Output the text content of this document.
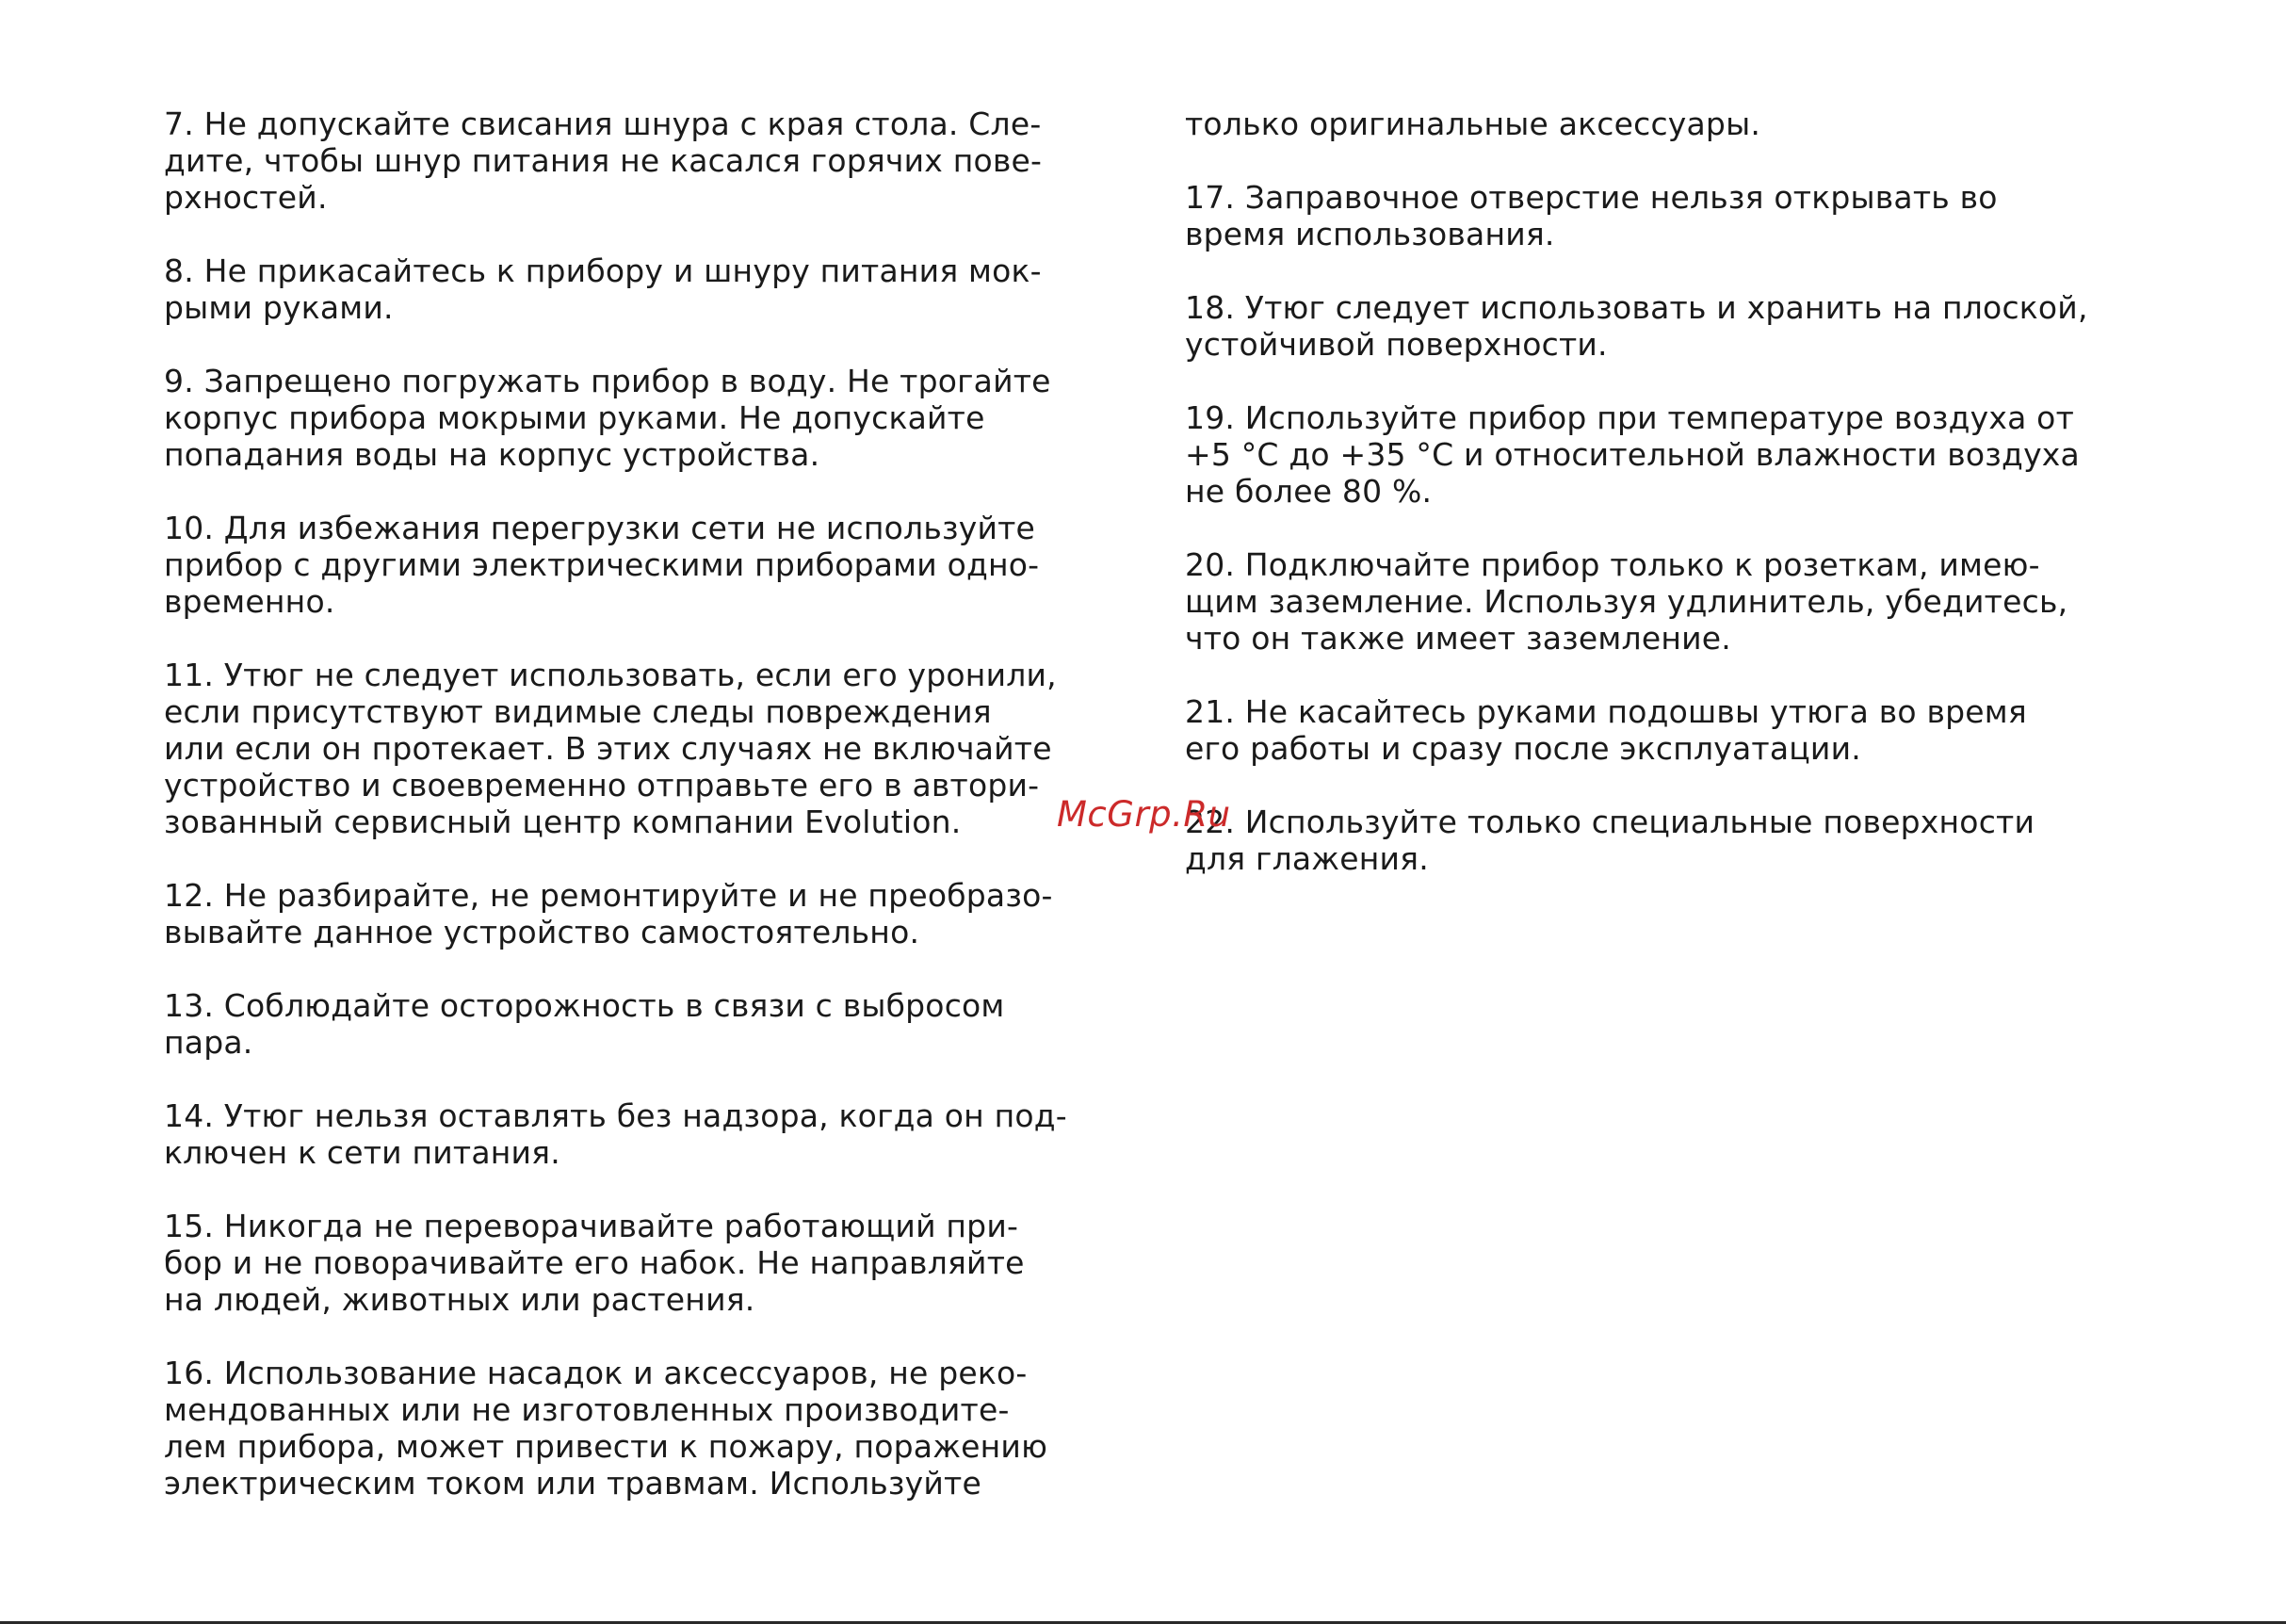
7. Не допускайте свисания шнура с края стола. Сле-
дите, чтобы шнур питания не касался горячих пове-
рхностей.

8. Не прикасайтесь к прибору и шнуру питания мок-
рыми руками.

9. Запрещено погружать прибор в воду. Не трогайте
корпус прибора мокрыми руками. Не допускайте
попадания воды на корпус устройства.

10. Для избежания перегрузки сети не используйте
прибор с другими электрическими приборами одно-
временно.

11. Утюг не следует использовать, если его уронили,
если присутствуют видимые следы повреждения
или если он протекает. В этих случаях не включайте
устройство и своевременно отправьте его в автори-
зованный сервисный центр компании Evolution.

12. Не разбирайте, не ремонтируйте и не преобразо-
вывайте данное устройство самостоятельно.

13. Соблюдайте осторожность в связи с выбросом
пара.

14. Утюг нельзя оставлять без надзора, когда он под-
ключен к сети питания.

15. Никогда не переворачивайте работающий при-
бор и не поворачивайте его набок. Не направляйте
на людей, животных или растения.

16. Использование насадок и аксессуаров, не реко-
мендованных или не изготовленных производите-
лем прибора, может привести к пожару, поражению
электрическим током или травмам. Используйте

только оригинальные аксессуары.

17. Заправочное отверстие нельзя открывать во
время использования.

18. Утюг следует использовать и хранить на плоской,
устойчивой поверхности.

19. Используйте прибор при температуре воздуха от
+5 °С до +35 °С и относительной влажности воздуха
не более 80 %.

20. Подключайте прибор только к розеткам, имею-
щим заземление. Используя удлинитель, убедитесь,
что он также имеет заземление.

21. Не касайтесь руками подошвы утюга во время
его работы и сразу после эксплуатации.

22. Используйте только специальные поверхности
для глажения.

McGrp.Ru
